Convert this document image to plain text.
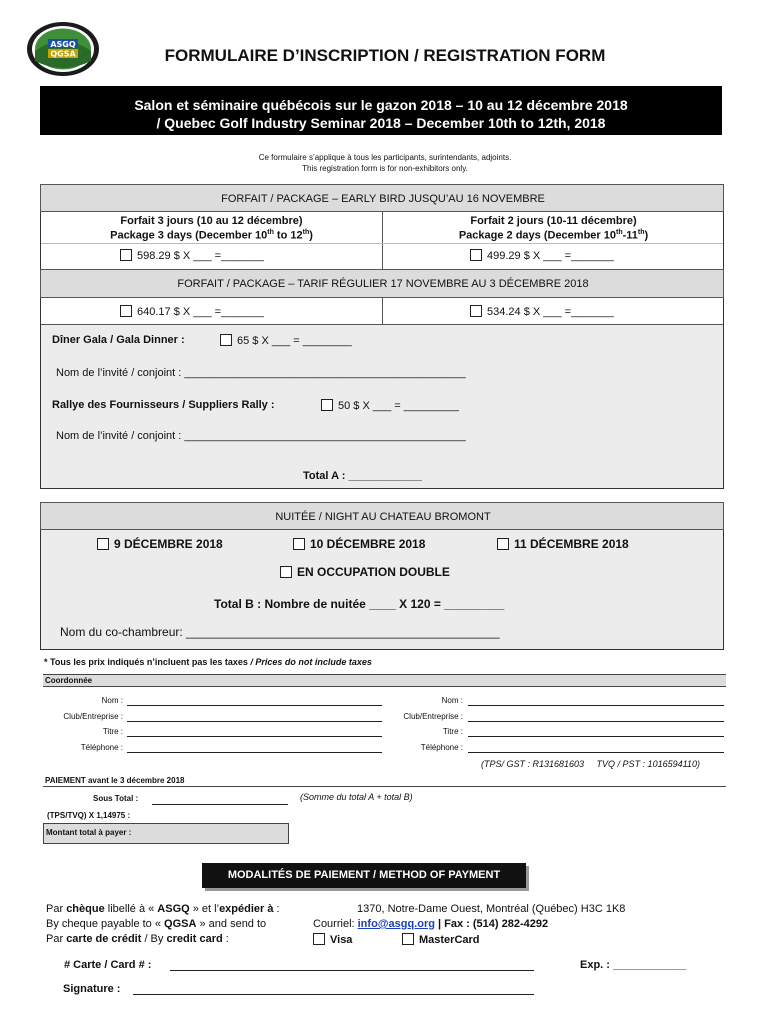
ASGQ
QGSA	FORMULAIRE D’INSCRIPTION / REGISTRATION FORM
Salon et séminaire québécois sur le gazon 2018 – 10 au 12 décembre 2018
/ Quebec Golf Industry Seminar 2018 – December 10th to 12th, 2018
Ce formulaire s’applique à tous les participants, surintendants, adjoints.
This registration form is for non-exhibitors only.
FORFAIT / PACKAGE – EARLY BIRD JUSQU’AU 16 NOVEMBRE
Forfait 3 jours (10 au 12 décembre)
Package 3 days (December 10th to 12th)
Forfait 2 jours (10-11 décembre)
Package 2 days (December 10th-11th)
598.29 $ X ___ =_______	499.29 $ X ___ =_______
FORFAIT / PACKAGE – TARIF RÉGULIER 17 NOVEMBRE AU 3 DÉCEMBRE 2018
640.17 $ X ___ =_______	534.24 $ X ___ =_______
Dîner Gala / Gala Dinner :	65 $ X ___ = ________
Nom de l’invité / conjoint : ______________________________________________
Rallye des Fournisseurs / Suppliers Rally :	50 $ X ___ = _________
Nom de l’invité / conjoint : ______________________________________________
Total A : ____________
NUITÉE / NIGHT AU CHATEAU BROMONT
9 DÉCEMBRE 2018	10 DÉCEMBRE 2018	11 DÉCEMBRE 2018
EN OCCUPATION DOUBLE
Total B : Nombre de nuitée ____ X 120 = _________
Nom du co-chambreur: _______________________________________________
* Tous les prix indiqués n’incluent pas les taxes / Prices do not include taxes
Coordonnée
Nom :
Club/Entreprise :
Titre :
Téléphone :
Nom :
Club/Entreprise :
Titre :
Téléphone :
(TPS/ GST : R131681603     TVQ / PST : 1016594110)
PAIEMENT avant le 3 décembre 2018
Sous Total :	(Somme du total A + total B)
(TPS/TVQ) X 1,14975 :
Montant total à payer :
MODALITÉS DE PAIEMENT / METHOD OF PAYMENT
Par chèque libellé à « ASGQ » et l’expédier à :	1370, Notre-Dame Ouest, Montréal (Québec) H3C 1K8
By cheque payable to « QGSA » and send to	Courriel: info@asgq.org | Fax : (514) 282-4292
Par carte de crédit / By credit card :	Visa	MasterCard
# Carte / Card # :	Exp. : ____________
Signature :
